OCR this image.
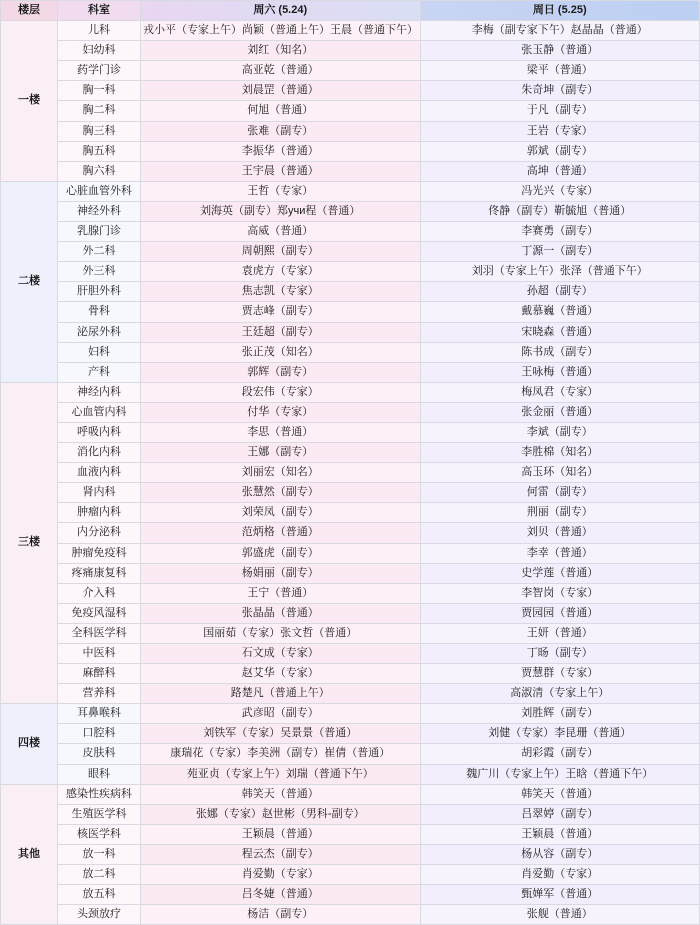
楼层	科室	周六 (5.24)	周日 (5.25)
一楼	儿科	戎小平（专家上午）尚颖（普通上午）王晨（普通下午）	李梅（副专家下午）赵晶晶（普通）
	妇幼科	刘红（知名）	张玉静（普通）
	药学门诊	高亚乾（普通）	梁平（普通）
	胸一科	刘晨罡（普通）	朱奇坤（副专）
	胸二科	何旭（普通）	于凡（副专）
	胸三科	张难（副专）	王岩（专家）
	胸五科	李振华（普通）	郭斌（副专）
	胸六科	王宇晨（普通）	高坤（普通）
二楼	心脏血管外科	王哲（专家）	冯光兴（专家）
	神经外科	刘海英（副专）郑учи程（普通）	佟静（副专）靳毓旭（普通）
	乳腺门诊	高威（普通）	李赛勇（副专）
	外二科	周朝熙（副专）	丁源一（副专）
	外三科	袁虎方（专家）	刘羽（专家上午）张泽（普通下午）
	肝胆外科	焦志凯（专家）	孙超（副专）
	骨科	贾志峰（副专）	戴慕巍（普通）
	泌尿外科	王廷超（副专）	宋晓森（普通）
	妇科	张正茂（知名）	陈书成（副专）
	产科	郭辉（副专）	王咏梅（普通）
三楼	神经内科	段宏伟（专家）	梅凤君（专家）
	心血管内科	付华（专家）	张金丽（普通）
	呼吸内科	李思（普通）	李斌（副专）
	消化内科	王娜（副专）	李胜棉（知名）
	血液内科	刘丽宏（知名）	高玉环（知名）
	肾内科	张慧然（副专）	何雷（副专）
	肿瘤内科	刘荣凤（副专）	荆丽（副专）
	内分泌科	范炳格（普通）	刘贝（普通）
	肿瘤免疫科	郭盛虎（副专）	李幸（普通）
	疼痛康复科	杨娟丽（副专）	史学莲（普通）
	介入科	王宁（普通）	李智岗（专家）
	免疫风湿科	张晶晶（普通）	贾园园（普通）
	全科医学科	国丽茹（专家）张文哲（普通）	王妍（普通）
	中医科	石文成（专家）	丁旸（副专）
	麻醉科	赵艾华（专家）	贾慧群（专家）
	营养科	路楚凡（普通上午）	高淑清（专家上午）
四楼	耳鼻喉科	武彦昭（副专）	刘胜辉（副专）
	口腔科	刘铁军（专家）吴景景（普通）	刘健（专家）李昆珊（普通）
	皮肤科	康瑞花（专家）李美洲（副专）崔倩（普通）	胡彩霞（副专）
	眼科	苑亚贞（专家上午）刘瑞（普通下午）	魏广川（专家上午）王晗（普通下午）
其他	感染性疾病科	韩笑天（普通）	韩笑天（普通）
	生殖医学科	张娜（专家）赵世彬（男科-副专）	吕翠婷（副专）
	核医学科	王颖晨（普通）	王颖晨（普通）
	放一科	程云杰（副专）	杨从容（副专）
	放二科	肖爱勤（专家）	肖爱勤（专家）
	放五科	吕冬婕（普通）	甄婵军（普通）
	头颈放疗	杨洁（副专）	张舰（普通）
